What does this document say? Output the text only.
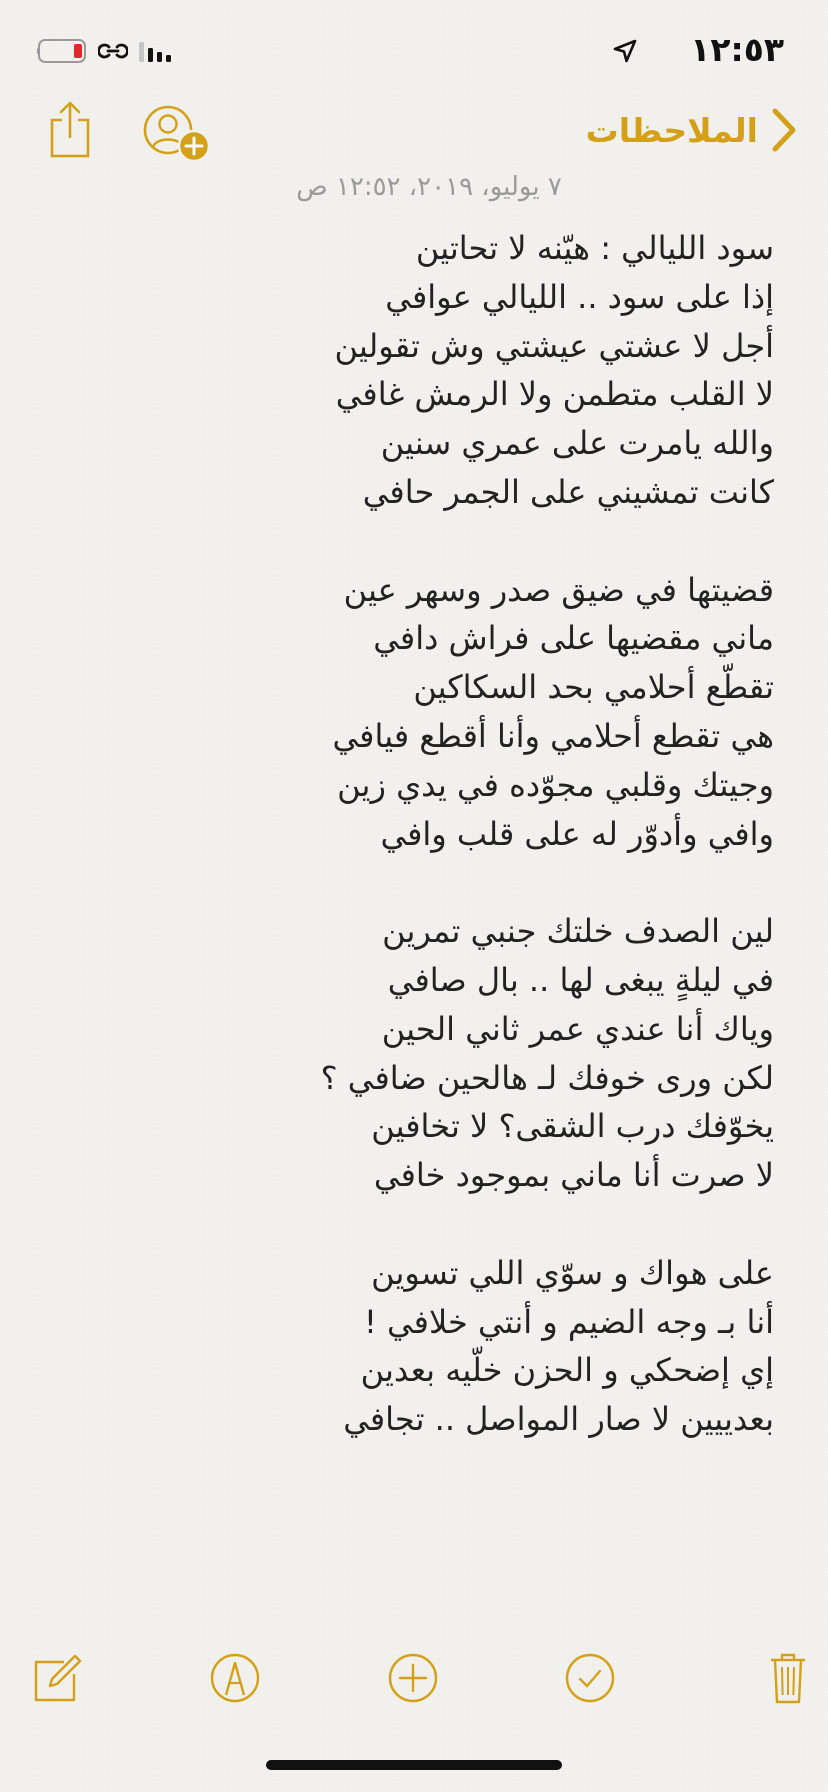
١٢:٥٣
الملاحظات
٧ يوليو، ٢٠١٩، ١٢:٥٢ ص
سود الليالي : هيّنه لا تحاتين
إذا على سود .. الليالي عوافي
أجل لا عشتي عيشتي وش تقولين
لا القلب متطمن ولا الرمش غافي
والله يامرت على عمري سنين
كانت تمشيني على الجمر حافي
قضيتها في ضيق صدر وسهر عين
ماني مقضيها على فراش دافي
تقطّع أحلامي بحد السكاكين
هي تقطع أحلامي وأنا أقطع فيافي
وجيتك وقلبي مجوّده في يدي زين
وافي وأدوّر له على قلب وافي
لين الصدف خلتك جنبي تمرين
في ليلةٍ يبغى لها .. بال صافي
وياك أنا عندي عمر ثاني الحين
لكن ورى خوفك لـ هالحين ضافي ؟
يخوّفك درب الشقى؟ لا تخافين
لا صرت أنا ماني بموجود خافي
على هواك و سوّي اللي تسوين
أنا بـ وجه الضيم و أنتي خلافي !
إي إضحكي و الحزن خلّيه بعدين
بعدييين لا صار المواصل .. تجافي
